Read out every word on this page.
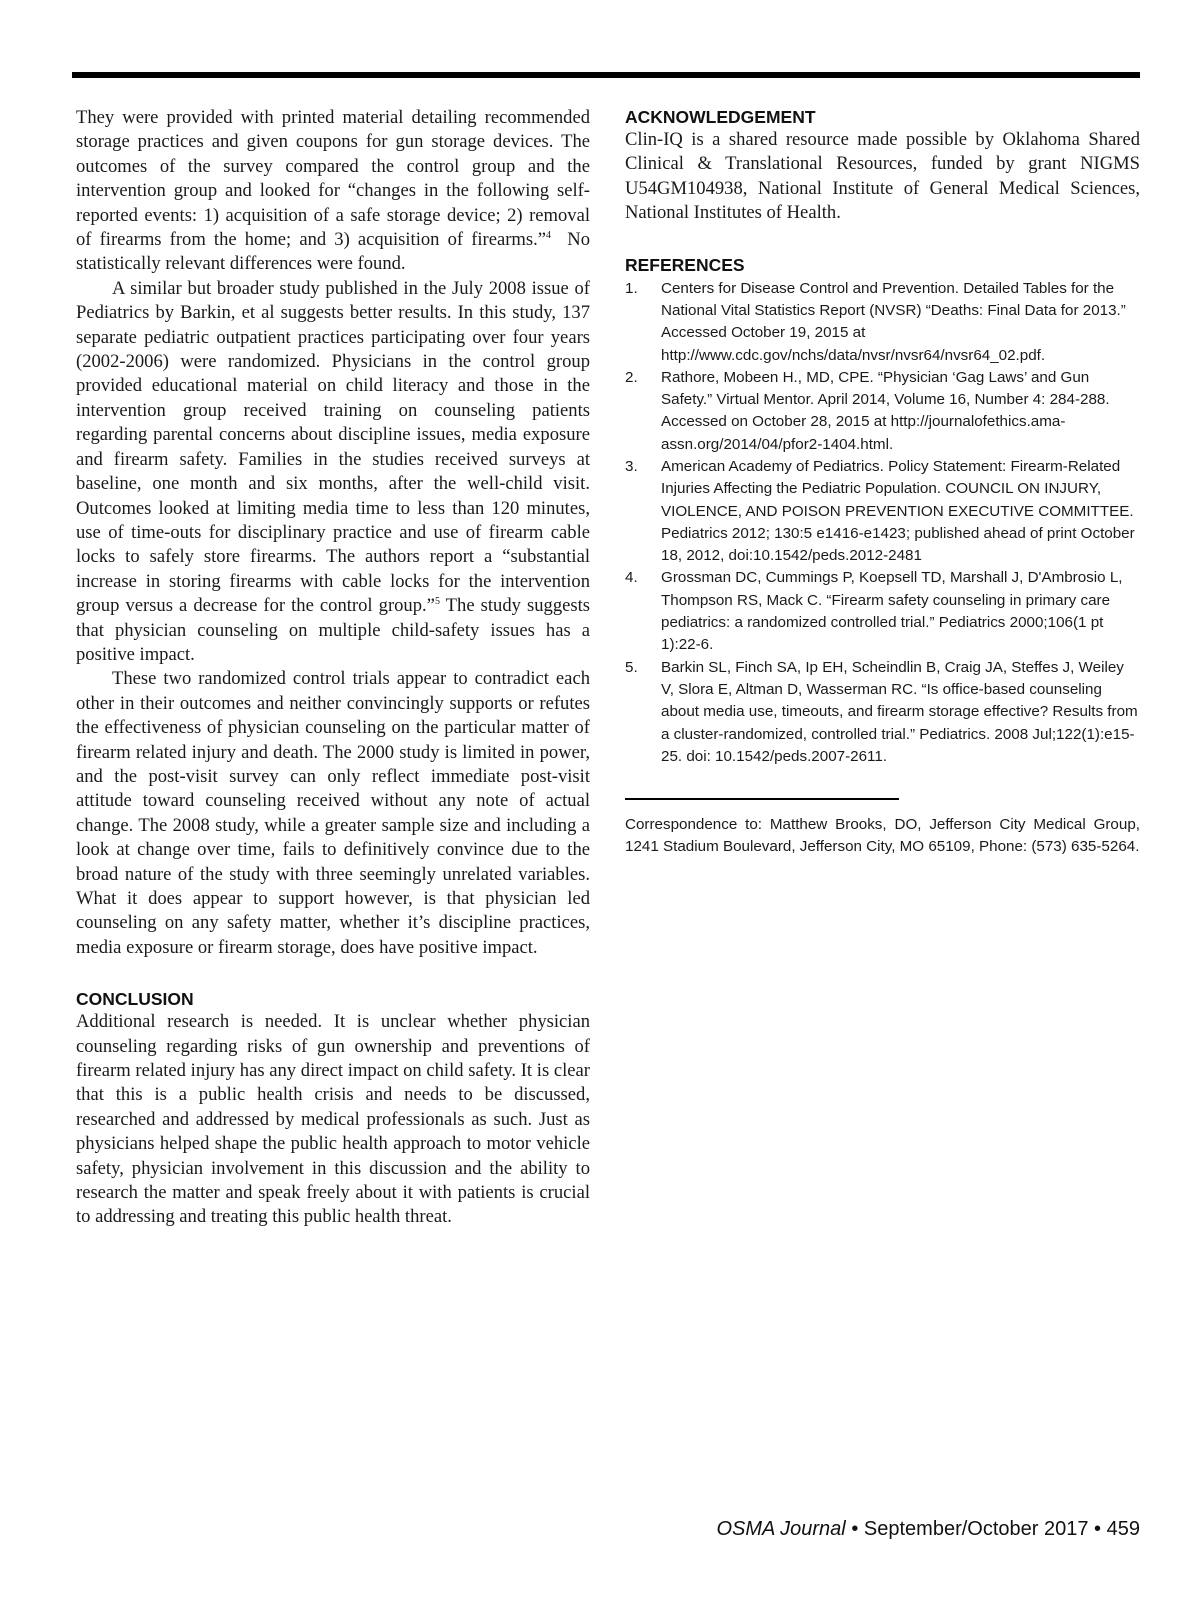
They were provided with printed material detailing recommended storage practices and given coupons for gun storage devices. The outcomes of the survey compared the control group and the intervention group and looked for “changes in the following self-reported events: 1) acquisition of a safe storage device; 2) removal of firearms from the home; and 3) acquisition of firearms.”$^4$ No statistically relevant differences were found.

A similar but broader study published in the July 2008 issue of Pediatrics by Barkin, et al suggests better results. In this study, 137 separate pediatric outpatient practices participating over four years (2002-2006) were randomized. Physicians in the control group provided educational material on child literacy and those in the intervention group received training on counseling patients regarding parental concerns about discipline issues, media exposure and firearm safety. Families in the studies received surveys at baseline, one month and six months, after the well-child visit. Outcomes looked at limiting media time to less than 120 minutes, use of time-outs for disciplinary practice and use of firearm cable locks to safely store firearms. The authors report a “substantial increase in storing firearms with cable locks for the intervention group versus a decrease for the control group.”$^5$ The study suggests that physician counseling on multiple child-safety issues has a positive impact.

These two randomized control trials appear to contradict each other in their outcomes and neither convincingly supports or refutes the effectiveness of physician counseling on the particular matter of firearm related injury and death. The 2000 study is limited in power, and the post-visit survey can only reflect immediate post-visit attitude toward counseling received without any note of actual change. The 2008 study, while a greater sample size and including a look at change over time, fails to definitively convince due to the broad nature of the study with three seemingly unrelated variables. What it does appear to support however, is that physician led counseling on any safety matter, whether it’s discipline practices, media exposure or firearm storage, does have positive impact.

CONCLUSION

Additional research is needed. It is unclear whether physician counseling regarding risks of gun ownership and preventions of firearm related injury has any direct impact on child safety. It is clear that this is a public health crisis and needs to be discussed, researched and addressed by medical professionals as such. Just as physicians helped shape the public health approach to motor vehicle safety, physician involvement in this discussion and the ability to research the matter and speak freely about it with patients is crucial to addressing and treating this public health threat.

ACKNOWLEDGEMENT

Clin-IQ is a shared resource made possible by Oklahoma Shared Clinical & Translational Resources, funded by grant NIGMS U54GM104938, National Institute of General Medical Sciences, National Institutes of Health.

REFERENCES
1.	Centers for Disease Control and Prevention. Detailed Tables for the National Vital Statistics Report (NVSR) “Deaths: Final Data for 2013.” Accessed October 19, 2015 at http://www.cdc.gov/nchs/data/nvsr/nvsr64/nvsr64_02.pdf.
2.	Rathore, Mobeen H., MD, CPE. “Physician ‘Gag Laws’ and Gun Safety.” Virtual Mentor. April 2014, Volume 16, Number 4: 284-288. Accessed on October 28, 2015 at http://journalofethics.ama-assn.org/2014/04/pfor2-1404.html.
3.	American Academy of Pediatrics. Policy Statement: Firearm-Related Injuries Affecting the Pediatric Population. COUNCIL ON INJURY, VIOLENCE, AND POISON PREVENTION EXECUTIVE COMMITTEE. Pediatrics 2012; 130:5 e1416-e1423; published ahead of print October 18, 2012, doi:10.1542/peds.2012-2481
4.	Grossman DC, Cummings P, Koepsell TD, Marshall J, D'Ambrosio L, Thompson RS, Mack C. “Firearm safety counseling in primary care pediatrics: a randomized controlled trial.” Pediatrics 2000;106(1 pt 1):22-6.
5.	Barkin SL, Finch SA, Ip EH, Scheindlin B, Craig JA, Steffes J, Weiley V, Slora E, Altman D, Wasserman RC. “Is office-based counseling about media use, timeouts, and firearm storage effective? Results from a cluster-randomized, controlled trial.” Pediatrics. 2008 Jul;122(1):e15-25. doi: 10.1542/peds.2007-2611.

Correspondence to: Matthew Brooks, DO, Jefferson City Medical Group, 1241 Stadium Boulevard, Jefferson City, MO 65109, Phone: (573) 635-5264.

OSMA Journal • September/October 2017 • 459
